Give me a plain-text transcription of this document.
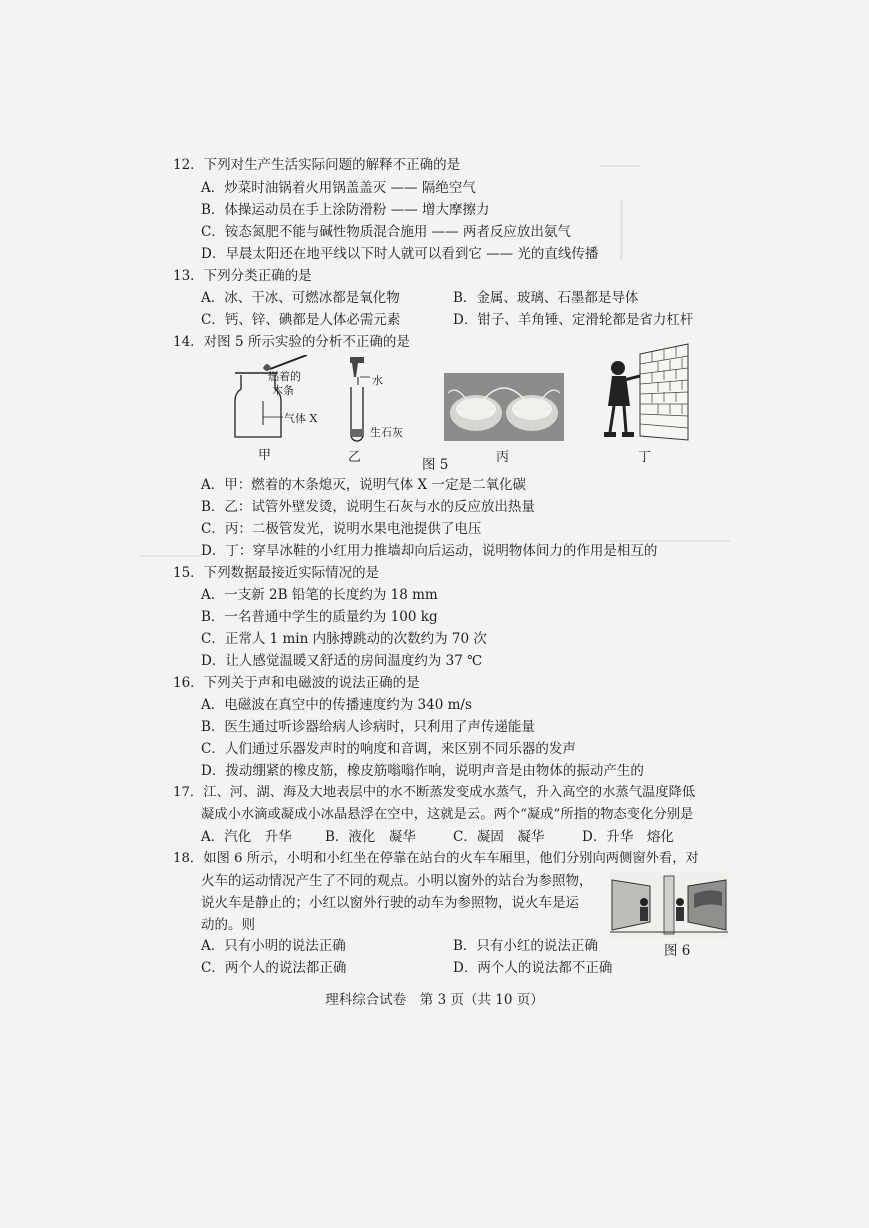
12．下列对生产生活实际问题的解释不正确的是
A．炒菜时油锅着火用锅盖盖灭 —— 隔绝空气
B．体操运动员在手上涂防滑粉 —— 增大摩擦力
C．铵态氮肥不能与碱性物质混合施用 —— 两者反应放出氨气
D．早晨太阳还在地平线以下时人就可以看到它 —— 光的直线传播
13．下列分类正确的是
A．冰、干冰、可燃冰都是氧化物	B．金属、玻璃、石墨都是导体
C．钙、锌、碘都是人体必需元素	D．钳子、羊角锤、定滑轮都是省力杠杆
14．对图 5 所示实验的分析不正确的是
燃着的
木条
气体 X
甲
水
生石灰
乙	丙	丁
图 5
A．甲：燃着的木条熄灭，说明气体 X 一定是二氧化碳
B．乙：试管外壁发烫，说明生石灰与水的反应放出热量
C．丙：二极管发光，说明水果电池提供了电压
D．丁：穿旱冰鞋的小红用力推墙却向后运动，说明物体间力的作用是相互的
15．下列数据最接近实际情况的是
A．一支新 2B 铅笔的长度约为 18 mm
B．一名普通中学生的质量约为 100 kg
C．正常人 1 min 内脉搏跳动的次数约为 70 次
D．让人感觉温暖又舒适的房间温度约为 37 ℃
16．下列关于声和电磁波的说法正确的是
A．电磁波在真空中的传播速度约为 340 m/s
B．医生通过听诊器给病人诊病时，只利用了声传递能量
C．人们通过乐器发声时的响度和音调，来区别不同乐器的发声
D．拨动绷紧的橡皮筋，橡皮筋嗡嗡作响，说明声音是由物体的振动产生的
17．江、河、湖、海及大地表层中的水不断蒸发变成水蒸气，升入高空的水蒸气温度降低
凝成小水滴或凝成小冰晶悬浮在空中，这就是云。两个“凝成”所指的物态变化分别是
A．汽化　升华 B．液化　凝华	C．凝固　凝华	D．升华　熔化
18．如图 6 所示，小明和小红坐在停靠在站台的火车车厢里，他们分别向两侧窗外看，对
火车的运动情况产生了不同的观点。小明以窗外的站台为参照物，
说火车是静止的；小红以窗外行驶的动车为参照物，说火车是运
动的。则
图 6
A．只有小明的说法正确	B．只有小红的说法正确
C．两个人的说法都正确	D．两个人的说法都不正确
理科综合试卷　第 3 页（共 10 页）
